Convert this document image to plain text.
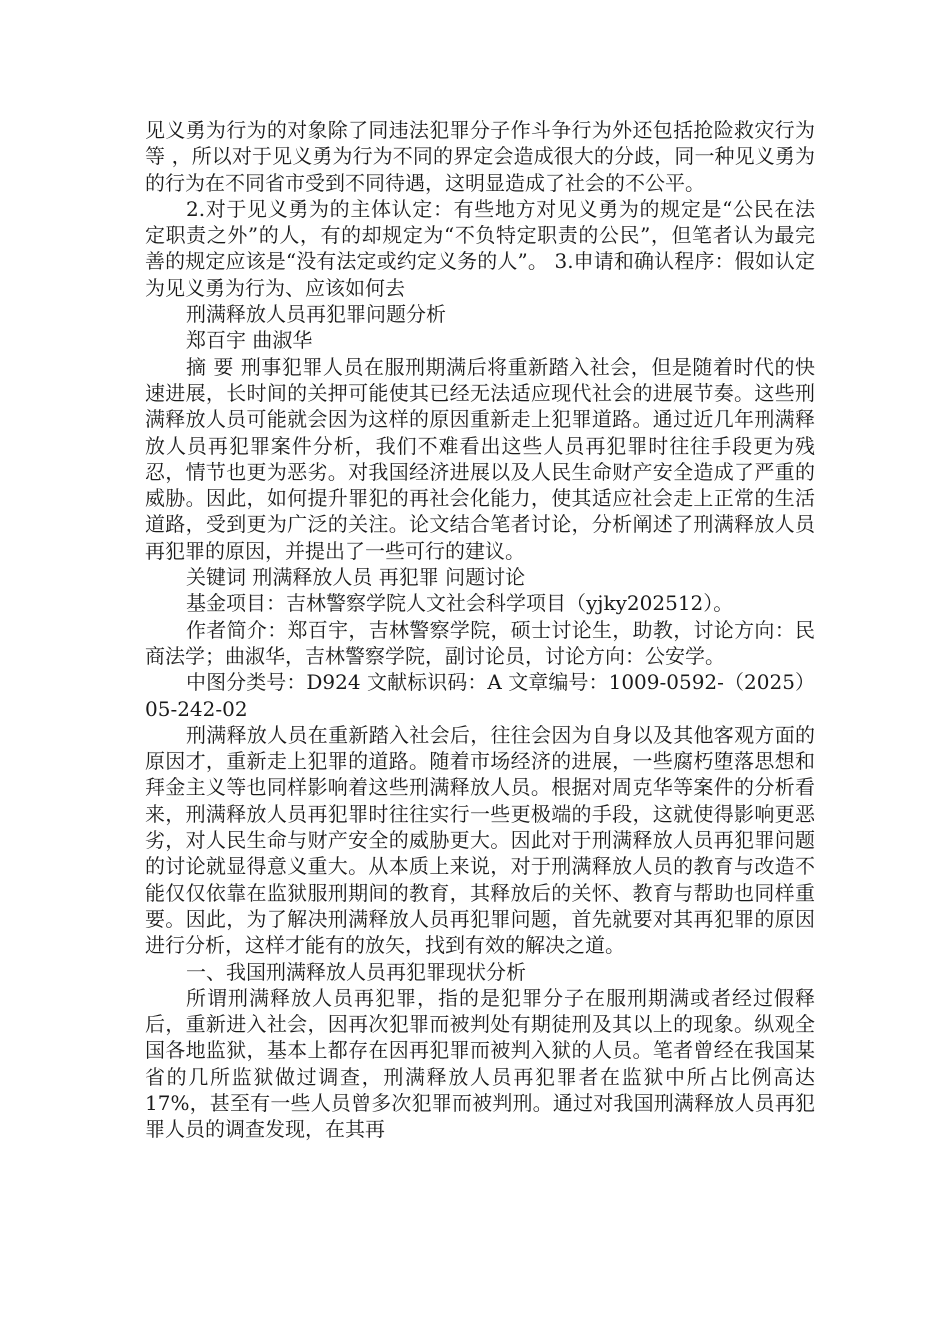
见义勇为行为的对象除了同违法犯罪分子作斗争行为外还包括抢险救灾行为等 ，所以对于见义勇为行为不同的界定会造成很大的分歧，同一种见义勇为的行为在不同省市受到不同待遇，这明显造成了社会的不公平。

2.对于见义勇为的主体认定：有些地方对见义勇为的规定是“公民在法定职责之外”的人，有的却规定为“不负特定职责的公民”，但笔者认为最完善的规定应该是“没有法定或约定义务的人”。 3.申请和确认程序：假如认定为见义勇为行为、应该如何去

刑满释放人员再犯罪问题分析

郑百宇 曲淑华

摘 要 刑事犯罪人员在服刑期满后将重新踏入社会，但是随着时代的快速进展，长时间的关押可能使其已经无法适应现代社会的进展节奏。这些刑满释放人员可能就会因为这样的原因重新走上犯罪道路。通过近几年刑满释放人员再犯罪案件分析，我们不难看出这些人员再犯罪时往往手段更为残忍，情节也更为恶劣。对我国经济进展以及人民生命财产安全造成了严重的威胁。因此，如何提升罪犯的再社会化能力，使其适应社会走上正常的生活道路，受到更为广泛的关注。论文结合笔者讨论，分析阐述了刑满释放人员再犯罪的原因，并提出了一些可行的建议。

关键词 刑满释放人员 再犯罪 问题讨论

基金项目：吉林警察学院人文社会科学项目（yjky202512）。

作者简介：郑百宇，吉林警察学院，硕士讨论生，助教，讨论方向：民商法学；曲淑华，吉林警察学院，副讨论员，讨论方向：公安学。

中图分类号：D924 文献标识码：A 文章编号：1009-0592-（2025）05-242-02

刑满释放人员在重新踏入社会后，往往会因为自身以及其他客观方面的原因才，重新走上犯罪的道路。随着市场经济的进展，一些腐朽堕落思想和拜金主义等也同样影响着这些刑满释放人员。根据对周克华等案件的分析看来，刑满释放人员再犯罪时往往实行一些更极端的手段，这就使得影响更恶劣，对人民生命与财产安全的威胁更大。因此对于刑满释放人员再犯罪问题的讨论就显得意义重大。从本质上来说，对于刑满释放人员的教育与改造不能仅仅依靠在监狱服刑期间的教育，其释放后的关怀、教育与帮助也同样重要。因此，为了解决刑满释放人员再犯罪问题，首先就要对其再犯罪的原因进行分析，这样才能有的放矢，找到有效的解决之道。

一、我国刑满释放人员再犯罪现状分析

所谓刑满释放人员再犯罪，指的是犯罪分子在服刑期满或者经过假释后，重新进入社会，因再次犯罪而被判处有期徒刑及其以上的现象。纵观全国各地监狱，基本上都存在因再犯罪而被判入狱的人员。笔者曾经在我国某省的几所监狱做过调查，刑满释放人员再犯罪者在监狱中所占比例高达17%，甚至有一些人员曾多次犯罪而被判刑。通过对我国刑满释放人员再犯罪人员的调查发现，在其再
